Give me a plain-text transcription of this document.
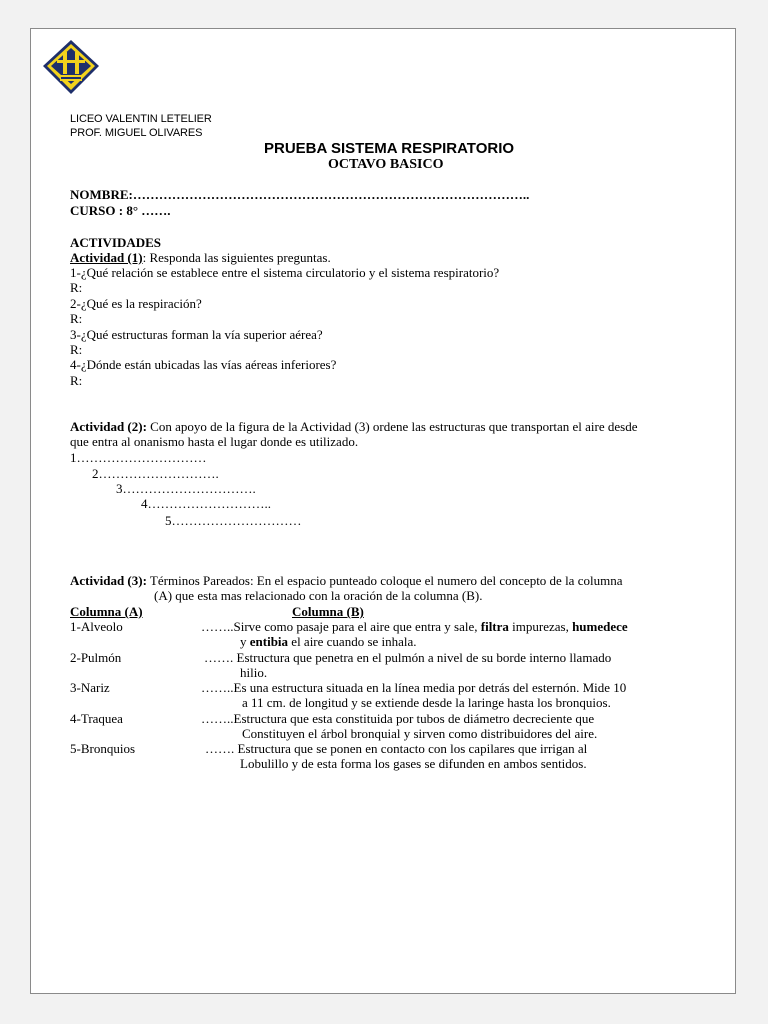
LICEO VALENTIN LETELIER
PROF. MIGUEL OLIVARES
PRUEBA SISTEMA RESPIRATORIO
OCTAVO BASICO
NOMBRE:………………………………………………………………………………..
CURSO : 8° …….
ACTIVIDADES
Actividad (1): Responda las siguientes preguntas.
1-¿Qué relación se establece entre el sistema circulatorio y el sistema respiratorio?
R:
2-¿Qué es la respiración?
R:
3-¿Qué estructuras forman la vía superior aérea?
R:
4-¿Dónde están ubicadas las vías aéreas inferiores?
R:
Actividad (2): Con apoyo de la figura de la Actividad (3) ordene las estructuras que transportan el aire desde
que entra al onanismo hasta el lugar donde es utilizado.
1…………………………
2……………………….
3………………………….
4………………………..
5…………………………
Actividad (3): Términos Pareados: En el espacio punteado coloque el numero del concepto de la columna
(A) que esta mas relacionado con la oración de la columna (B).
Columna (A)	Columna (B)
1-Alveolo	……..Sirve como pasaje para el aire que entra y sale, filtra impurezas, humedece
y entibia el aire cuando se inhala.
2-Pulmón	……. Estructura que penetra en el pulmón a nivel de su borde interno llamado
hilio.
3-Nariz	……..Es una estructura situada en la línea media por detrás del esternón. Mide 10
a 11 cm. de longitud y se extiende desde la laringe hasta los bronquios.
4-Traquea	……..Estructura que esta constituida por tubos de diámetro decreciente que
Constituyen el árbol bronquial y sirven como distribuidores del aire.
5-Bronquios	……. Estructura que se ponen en contacto con los capilares que irrigan al
Lobulillo y de esta forma los gases se difunden en ambos sentidos.
